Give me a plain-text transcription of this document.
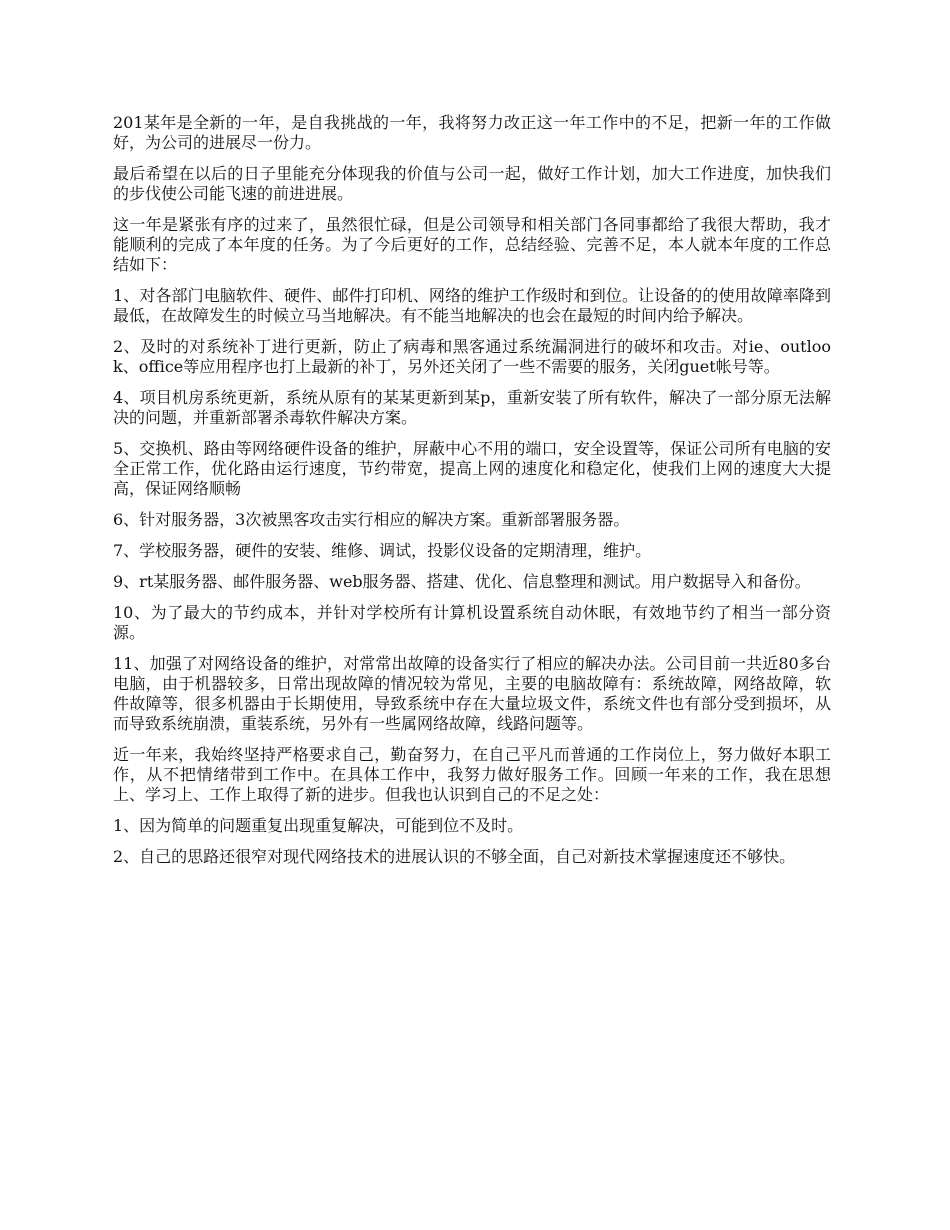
201某年是全新的一年，是自我挑战的一年，我将努力改正这一年工作中的不足，把新一年的工作做好，为公司的进展尽一份力。

最后希望在以后的日子里能充分体现我的价值与公司一起，做好工作计划，加大工作进度，加快我们的步伐使公司能飞速的前进进展。

这一年是紧张有序的过来了，虽然很忙碌，但是公司领导和相关部门各同事都给了我很大帮助，我才能顺利的完成了本年度的任务。为了今后更好的工作，总结经验、完善不足，本人就本年度的工作总结如下：

1、对各部门电脑软件、硬件、邮件打印机、网络的维护工作级时和到位。让设备的的使用故障率降到最低，在故障发生的时候立马当地解决。有不能当地解决的也会在最短的时间内给予解决。

2、及时的对系统补丁进行更新，防止了病毒和黑客通过系统漏洞进行的破坏和攻击。对ie、outlook、office等应用程序也打上最新的补丁，另外还关闭了一些不需要的服务，关闭guet帐号等。

4、项目机房系统更新，系统从原有的某某更新到某p，重新安装了所有软件，解决了一部分原无法解决的问题，并重新部署杀毒软件解决方案。

5、交换机、路由等网络硬件设备的维护，屏蔽中心不用的端口，安全设置等，保证公司所有电脑的安全正常工作，优化路由运行速度，节约带宽，提高上网的速度化和稳定化，使我们上网的速度大大提高，保证网络顺畅

6、针对服务器，3次被黑客攻击实行相应的解决方案。重新部署服务器。

7、学校服务器，硬件的安装、维修、调试，投影仪设备的定期清理，维护。

9、rt某服务器、邮件服务器、web服务器、搭建、优化、信息整理和测试。用户数据导入和备份。

10、为了最大的节约成本，并针对学校所有计算机设置系统自动休眠，有效地节约了相当一部分资源。

11、加强了对网络设备的维护，对常常出故障的设备实行了相应的解决办法。公司目前一共近80多台电脑，由于机器较多，日常出现故障的情况较为常见，主要的电脑故障有：系统故障，网络故障，软件故障等，很多机器由于长期使用，导致系统中存在大量垃圾文件，系统文件也有部分受到损坏，从而导致系统崩溃，重装系统，另外有一些属网络故障，线路问题等。

近一年来，我始终坚持严格要求自己，勤奋努力，在自己平凡而普通的工作岗位上，努力做好本职工作，从不把情绪带到工作中。在具体工作中，我努力做好服务工作。回顾一年来的工作，我在思想上、学习上、工作上取得了新的进步。但我也认识到自己的不足之处：

1、因为简单的问题重复出现重复解决，可能到位不及时。

2、自己的思路还很窄对现代网络技术的进展认识的不够全面，自己对新技术掌握速度还不够快。
